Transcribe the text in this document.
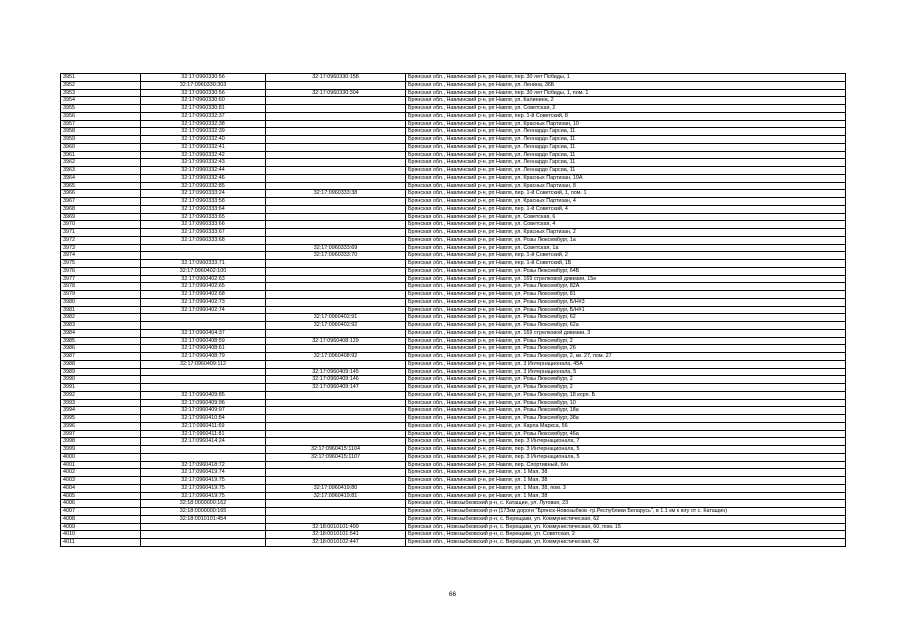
3951	32:17:0960330:56	32:17:0960330:158	Брянская обл., Навлинский р-н, рп Навля, пер. 30 лет Победы, 1
3952	32:17:0960330:303		Брянская обл., Навлинский р-н, рп Навля, ул. Ленина, 36Б
3953	32:17:0960330:56	32:17:0960330:304	Брянская обл., Навлинский р-н, рп Навля, пер. 30 лет Победы, 1, пом. 1
3954	32:17:0960330:60		Брянская обл., Навлинский р-н, рп Навля, ул. Калинина, 2
3955	32:17:0960330:81		Брянская обл., Навлинский р-н, рп Навля, ул. Советская, 2
3956	32:17:0960332:37		Брянская обл., Навлинский р-н, рп Навля, пер. 1-й Советский, 8
3957	32:17:0960332:38		Брянская обл., Навлинский р-н, рп Навля, ул. Красных Партизан, 10
3958	32:17:0960332:39		Брянская обл., Навлинский р-н, рп Навля, ул. Леонардо Гарсиа, 11
3959	32:17:0960332:40		Брянская обл., Навлинский р-н, рп Навля, ул. Леонардо Гарсиа, 11
3960	32:17:0960332:41		Брянская обл., Навлинский р-н, рп Навля, ул. Леонардо Гарсиа, 11
3961	32:17:0960332:42		Брянская обл., Навлинский р-н, рп Навля, ул. Леонардо Гарсиа, 11
3962	32:17:0960332:43		Брянская обл., Навлинский р-н, рп Навля, ул. Леонардо Гарсиа, 11
3963	32:17:0960332:44		Брянская обл., Навлинский р-н, рп Навля, ул. Леонардо Гарсиа, 11
3964	32:17:0960332:46		Брянская обл., Навлинский р-н, рп Навля, ул. Красных Партизан, 10А
3965	32:17:0960332:85		Брянская обл., Навлинский р-н, рп Навля, ул. Красных Партизан, 8
3966	32:17:0960333:24	32:17:0960333:38	Брянская обл., Навлинский р-н, рп Навля, пер. 1-й Советский, 1, пом. 1
3967	32:17:0960333:58		Брянская обл., Навлинский р-н, рп Навля, ул. Красных Партизан, 4
3968	32:17:0960333:64		Брянская обл., Навлинский р-н, рп Навля, пер. 1-й Советский, 4
3969	32:17:0960333:65		Брянская обл., Навлинский р-н, рп Навля, ул. Советская, 6
3970	32:17:0960333:66		Брянская обл., Навлинский р-н, рп Навля, ул. Советская, 4
3971	32:17:0960333:67		Брянская обл., Навлинский р-н, рп Навля, ул. Красных Партизан, 2
3972	32:17:0960333:68		Брянская обл., Навлинский р-н, рп Навля, ул. Розы Люксембург, 1а
3973		32:17:0960333:69	Брянская обл., Навлинский р-н, рп Навля, ул. Советская, 1а
3974		32:17:0960333:70	Брянская обл., Навлинский р-н, рп Навля, пер. 1-й Советский, 2
3975	32:17:0960333:71		Брянская обл., Навлинский р-н, рп Навля, пер. 1-й Советский, 1Б
3976	32:17:0960402:100		Брянская обл., Навлинский р-н, рп Навля, ул. Розы Люксембург, 64Б
3977	32:17:0960402:63		Брянская обл., Навлинский р-н, рп Навля, ул. 169 стрелковой дивизии, 15е
3978	32:17:0960402:65		Брянская обл., Навлинский р-н, рп Навля, ул. Розы Люксембург, 82А
3979	32:17:0960402:68		Брянская обл., Навлинский р-н, рп Навля, ул. Розы Люксембург, 81
3980	32:17:0960402:73		Брянская обл., Навлинский р-н, рп Навля, ул. Розы Люксембург, Б/Н#3
3981	32:17:0960402:74		Брянская обл., Навлинский р-н, рп Навля, ул. Розы Люксембург, Б/Н#1
3982		32:17:0960402:91	Брянская обл., Навлинский р-н, рп Навля, ул. Розы Люксембург, 62
3983		32:17:0960402:92	Брянская обл., Навлинский р-н, рп Навля, ул. Розы Люксембург, 62а
3984	32:17:0960404:37		Брянская обл., Навлинский р-н, рп Навля, ул. 169 стрелковой дивизии, 3
3985	32:17:0960408:59	32:17:0960408:129	Брянская обл., Навлинский р-н, рп Навля, ул. Розы Люксембург, 2
3986	32:17:0960408:61		Брянская обл., Навлинский р-н, рп Навля, ул. Розы Люксембург, 26
3987	32:17:0960408:79	32:17:0960408:92	Брянская обл., Навлинский р-н, рп Навля, ул. Розы Люксембург, 2, кв. 27, пом. 27
3988	32:17:0960409:112		Брянская обл., Навлинский р-н, рп Навля, ул. 3 Интернационала, 45А
3989		32:17:0960409:145	Брянская обл., Навлинский р-н, рп Навля, ул. 3 Интернационала, 5
3990		32:17:0960409:146	Брянская обл., Навлинский р-н, рп Навля, ул. Розы Люксембург, 2
3991		32:17:0960409:147	Брянская обл., Навлинский р-н, рп Навля, ул. Розы Люксембург, 2
3992	32:17:0960409:85		Брянская обл., Навлинский р-н, рп Навля, ул. Розы Люксембург, 18 корп. Б
3993	32:17:0960409:96		Брянская обл., Навлинский р-н, рп Навля, ул. Розы Люксембург, 10
3994	32:17:0960409:97		Брянская обл., Навлинский р-н, рп Навля, ул. Розы Люксембург, 18а
3995	32:17:0960410:84		Брянская обл., Навлинский р-н, рп Навля, ул. Розы Люксембург, 38а
3996	32:17:0960411:69		Брянская обл., Навлинский р-н, рп Навля, ул. Карла Маркса, 56
3997	32:17:0960411:81		Брянская обл., Навлинский р-н, рп Навля, ул. Розы Люксембург, 46а
3998	32:17:0960414:24		Брянская обл., Навлинский р-н, рп Навля, пер. 3 Интернационала, 7
3999		32:17:0960415:1104	Брянская обл., Навлинский р-н, рп Навля, пер. 3 Интернационала, 5
4000		32:17:0960415:1107	Брянская обл., Навлинский р-н, рп Навля, пер. 3 Интернационала, 5
4001	32:17:0960418:72		Брянская обл., Навлинский р-н, рп Навля, пер. Спортивный, б/н
4002	32:17:0960419:74		Брянская обл., Навлинский р-н, рп Навля, ул. 1 Мая, 38
4003	32:17:0960419:75		Брянская обл., Навлинский р-н, рп Навля, ул. 1 Мая, 38
4004	32:17:0960419:75	32:17:0960419:80	Брянская обл., Навлинский р-н, рп Навля, ул. 1 Мая, 38, пом. 3
4005	32:17:0960419:75	32:17:0960419:81	Брянская обл., Навлинский р-н, рп Навля, ул. 1 Мая, 38
4006	32:18:0000000:162		Брянская обл., Новозыбковский р-н, с. Катащин, ул. Луговая, 23
4007	32:18:0000000:165		Брянская обл., Новозыбковский р-н (173км дороги "Брянск-Новозыбков -гр.Республики Беларусь", в 1.1 км к югу от с. Катащин)
4008	32:18:0010101:454		Брянская обл., Новозыбковский р-н, с. Верещаки, ул. Коммунистическая, 62
4009		32:18:0010101:499	Брянская обл., Новозыбковский р-н, с. Верещаки, ул. Коммунистическая, 60, пом. 15
4010		32:18:0010101:541	Брянская обл., Новозыбковский р-н, с. Верещаки, ул. Советская, 2
4011		32:18:0010102:447	Брянская обл., Новозыбковский р-н, с. Верещаки, ул. Коммунистическая, 62
66
